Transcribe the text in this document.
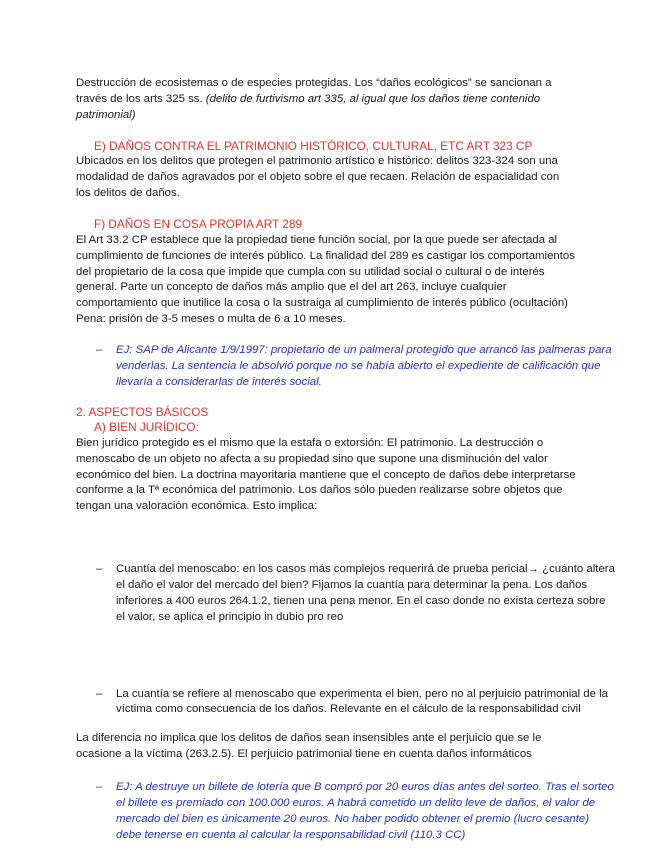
Destrucción de ecosistemas o de especies protegidas. Los “daños ecológicos” se sancionan a través de los arts 325 ss. (delito de furtivismo art 335, al igual que los daños tiene contenido patrimonial)
E) DAÑOS CONTRA EL PATRIMONIO HISTÓRICO, CULTURAL, ETC ART 323 CP
Ubicados en los delitos que protegen el patrimonio artístico e histórico: delitos 323-324 son una modalidad de daños agravados por el objeto sobre el que recaen. Relación de espacialidad con los delitos de daños.
F) DAÑOS EN COSA PROPIA ART 289
El Art 33.2 CP establece que la propiedad tiene función social, por la que puede ser afectada al cumplimiento de funciones de interés público. La finalidad del 289 es castigar los comportamientos del propietario de la cosa que impide que cumpla con su utilidad social o cultural o de interés general. Parte un concepto de daños más amplio que el del art 263, incluye cualquier comportamiento que inutilice la cosa o la sustraiga al cumplimiento de interés público (ocultación) Pena: prisión de 3-5 meses o multa de 6 a 10 meses.
– EJ: SAP de Alicante 1/9/1997: propietario de un palmeral protegido que arrancó las palmeras para venderlas. La sentencia le absolvió porque no se había abierto el expediente de calificación que llevaría a considerarlas de interés social.
2. ASPECTOS BÁSICOS
A) BIEN JURÍDICO:
Bien jurídico protegido es el mismo que la estafa o extorsión: El patrimonio. La destrucción o menoscabo de un objeto no afecta a su propiedad sino que supone una disminución del valor económico del bien. La doctrina mayoritaria mantiene que el concepto de daños debe interpretarse conforme a la Tª económica del patrimonio. Los daños sólo pueden realizarse sobre objetos que tengan una valoración económica. Esto implica:
– Cuantía del menoscabo: en los casos más complejos requerirá de prueba pericial→ ¿cuánto altera el daño el valor del mercado del bien? Fijamos la cuantía para determinar la pena. Los daños inferiores a 400 euros 264.1.2, tienen una pena menor. En el caso donde no exista certeza sobre el valor, se aplica el principio in dubio pro reo
– La cuantía se refiere al menoscabo que experimenta el bien, pero no al perjuicio patrimonial de la víctima como consecuencia de los daños. Relevante en el cálculo de la responsabilidad civil
– EJ: A destruye un billete de lotería que B compró por 20 euros días antes del sorteo. Tras el sorteo el billete es premiado con 100.000 euros. A habrá cometido un delito leve de daños, el valor de mercado del bien es únicamente 20 euros. No haber podido obtener el premio (lucro cesante) debe tenerse en cuenta al calcular la responsabilidad civil (110.3 CC)
La diferencia no implica que los delitos de daños sean insensibles ante el perjuicio que se le ocasione a la víctima (263.2.5). El perjuicio patrimonial tiene en cuenta daños informáticos
